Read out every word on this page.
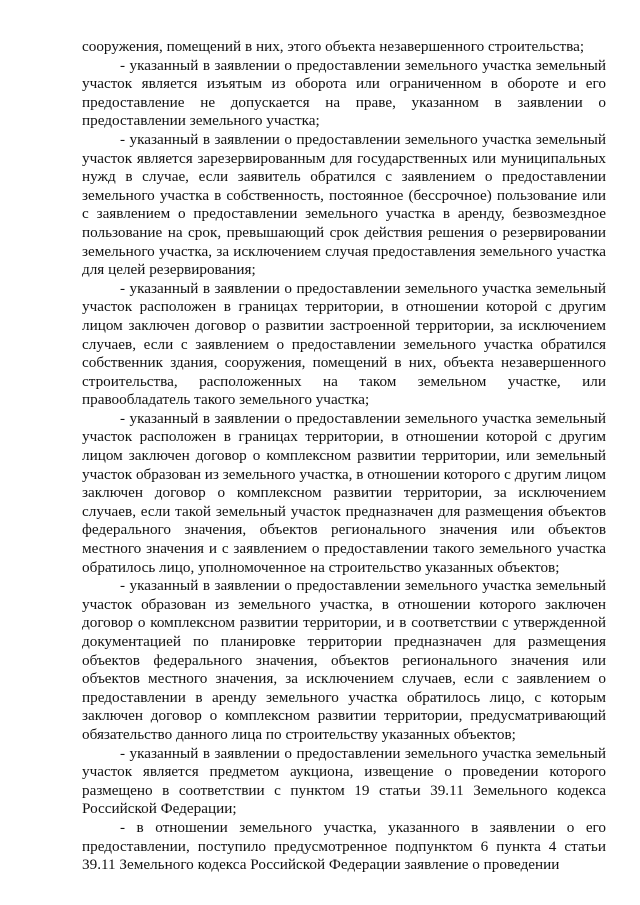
сооружения, помещений в них, этого объекта незавершенного строительства;

- указанный в заявлении о предоставлении земельного участка земельный участок является изъятым из оборота или ограниченном в обороте и его предоставление не допускается на праве, указанном в заявлении о предоставлении земельного участка;

- указанный в заявлении о предоставлении земельного участка земельный участок является зарезервированным для государственных или муниципальных нужд в случае, если заявитель обратился с заявлением о предоставлении земельного участка в собственность, постоянное (бессрочное) пользование или с заявлением о предоставлении земельного участка в аренду, безвозмездное пользование на срок, превышающий срок действия решения о резервировании земельного участка, за исключением случая предоставления земельного участка для целей резервирования;

- указанный в заявлении о предоставлении земельного участка земельный участок расположен в границах территории, в отношении которой с другим лицом заключен договор о развитии застроенной территории, за исключением случаев, если с заявлением о предоставлении земельного участка обратился собственник здания, сооружения, помещений в них, объекта незавершенного строительства, расположенных на таком земельном участке, или правообладатель такого земельного участка;

- указанный в заявлении о предоставлении земельного участка земельный участок расположен в границах территории, в отношении которой с другим лицом заключен договор о комплексном развитии территории, или земельный участок образован из земельного участка, в отношении которого с другим лицом заключен договор о комплексном развитии территории, за исключением случаев, если такой земельный участок предназначен для размещения объектов федерального значения, объектов регионального значения или объектов местного значения и с заявлением о предоставлении такого земельного участка обратилось лицо, уполномоченное на строительство указанных объектов;

- указанный в заявлении о предоставлении земельного участка земельный участок образован из земельного участка, в отношении которого заключен договор о комплексном развитии территории, и в соответствии с утвержденной документацией по планировке территории предназначен для размещения объектов федерального значения, объектов регионального значения или объектов местного значения, за исключением случаев, если с заявлением о предоставлении в аренду земельного участка обратилось лицо, с которым заключен договор о комплексном развитии территории, предусматривающий обязательство данного лица по строительству указанных объектов;

- указанный в заявлении о предоставлении земельного участка земельный участок является предметом аукциона, извещение о проведении которого размещено в соответствии с пунктом 19 статьи 39.11 Земельного кодекса Российской Федерации;

- в отношении земельного участка, указанного в заявлении о его предоставлении, поступило предусмотренное подпунктом 6 пункта 4 статьи 39.11 Земельного кодекса Российской Федерации заявление о проведении
